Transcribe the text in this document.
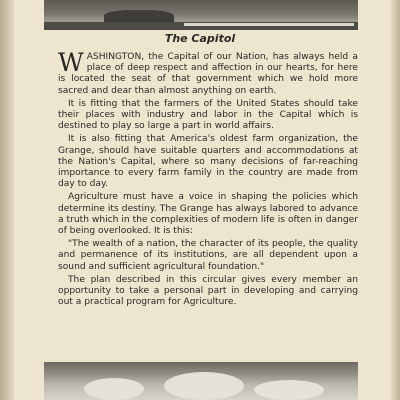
The Capitol

WASHINGTON, the Capital of our Nation, has always held a place of deep respect and affection in our hearts, for here is located the seat of that government which we hold more sacred and dear than almost anything on earth.

It is fitting that the farmers of the United States should take their places with industry and labor in the Capital which is destined to play so large a part in world affairs.

It is also fitting that America's oldest farm organization, the Grange, should have suitable quarters and accommodations at the Nation's Capital, where so many decisions of far-reaching importance to every farm family in the country are made from day to day.

Agriculture must have a voice in shaping the policies which determine its destiny. The Grange has always labored to advance a truth which in the complexities of modern life is often in danger of being overlooked. It is this:

"The wealth of a nation, the character of its people, the quality and permanence of its institutions, are all dependent upon a sound and sufficient agricultural foundation."

The plan described in this circular gives every member an opportunity to take a personal part in developing and carrying out a practical program for Agriculture.
